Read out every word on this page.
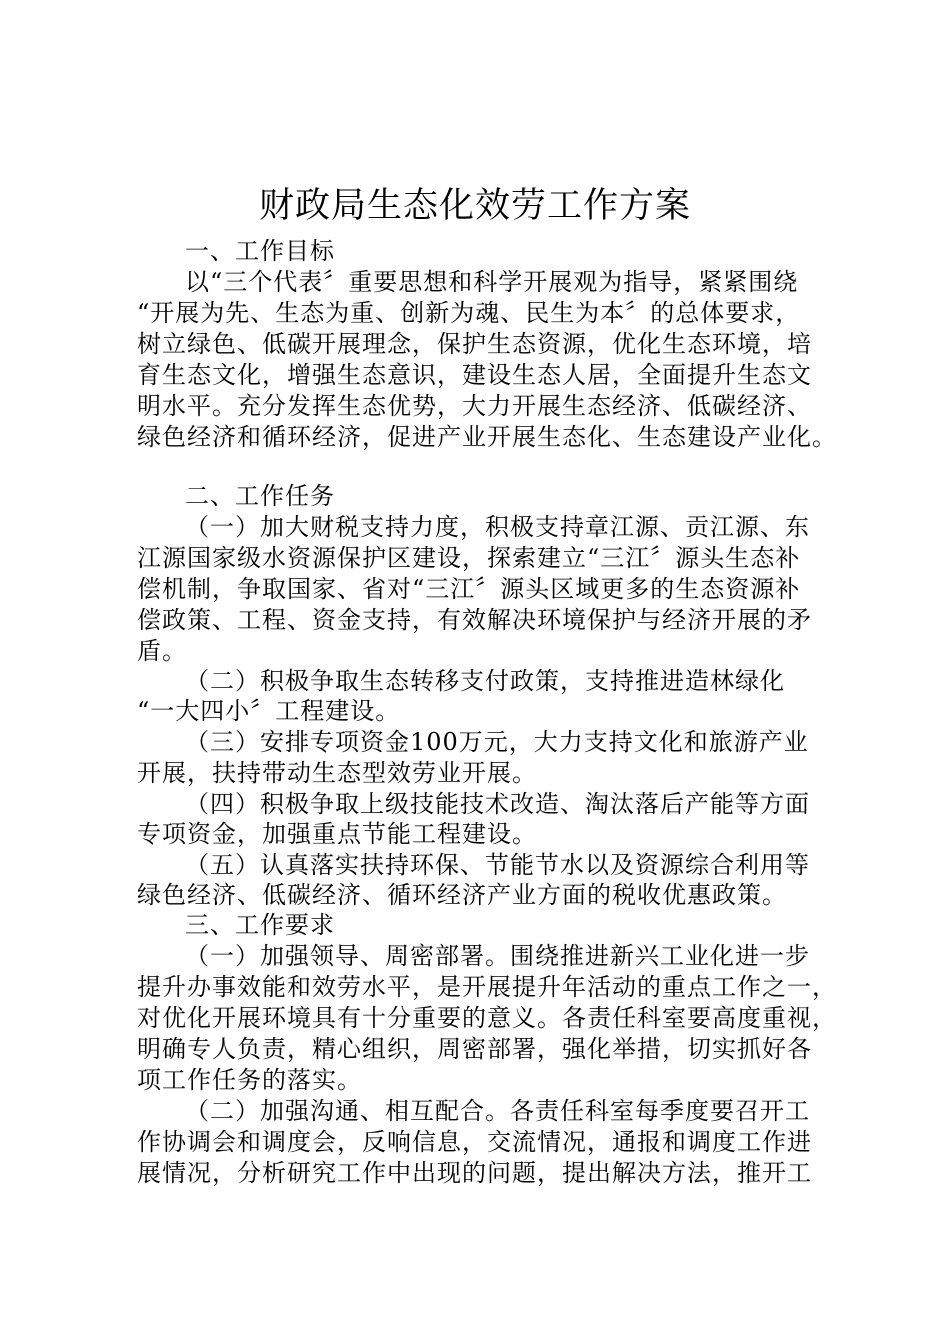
财政局生态化效劳工作方案
一、工作目标
以“三个代表〞重要思想和科学开展观为指导，紧紧围绕
“开展为先、生态为重、创新为魂、民生为本〞的总体要求，
树立绿色、低碳开展理念，保护生态资源，优化生态环境，培
育生态文化，增强生态意识，建设生态人居，全面提升生态文
明水平。充分发挥生态优势，大力开展生态经济、低碳经济、
绿色经济和循环经济，促进产业开展生态化、生态建设产业化。
二、工作任务
（一）加大财税支持力度，积极支持章江源、贡江源、东
江源国家级水资源保护区建设，探索建立“三江〞源头生态补
偿机制，争取国家、省对“三江〞源头区域更多的生态资源补
偿政策、工程、资金支持，有效解决环境保护与经济开展的矛
盾。
（二）积极争取生态转移支付政策，支持推进造林绿化
“一大四小〞工程建设。
（三）安排专项资金100万元，大力支持文化和旅游产业
开展，扶持带动生态型效劳业开展。
（四）积极争取上级技能技术改造、淘汰落后产能等方面
专项资金，加强重点节能工程建设。
（五）认真落实扶持环保、节能节水以及资源综合利用等
绿色经济、低碳经济、循环经济产业方面的税收优惠政策。
三、工作要求
（一）加强领导、周密部署。围绕推进新兴工业化进一步
提升办事效能和效劳水平，是开展提升年活动的重点工作之一，
对优化开展环境具有十分重要的意义。各责任科室要高度重视，
明确专人负责，精心组织，周密部署，强化举措，切实抓好各
项工作任务的落实。
（二）加强沟通、相互配合。各责任科室每季度要召开工
作协调会和调度会，反响信息，交流情况，通报和调度工作进
展情况，分析研究工作中出现的问题，提出解决方法，推开工
